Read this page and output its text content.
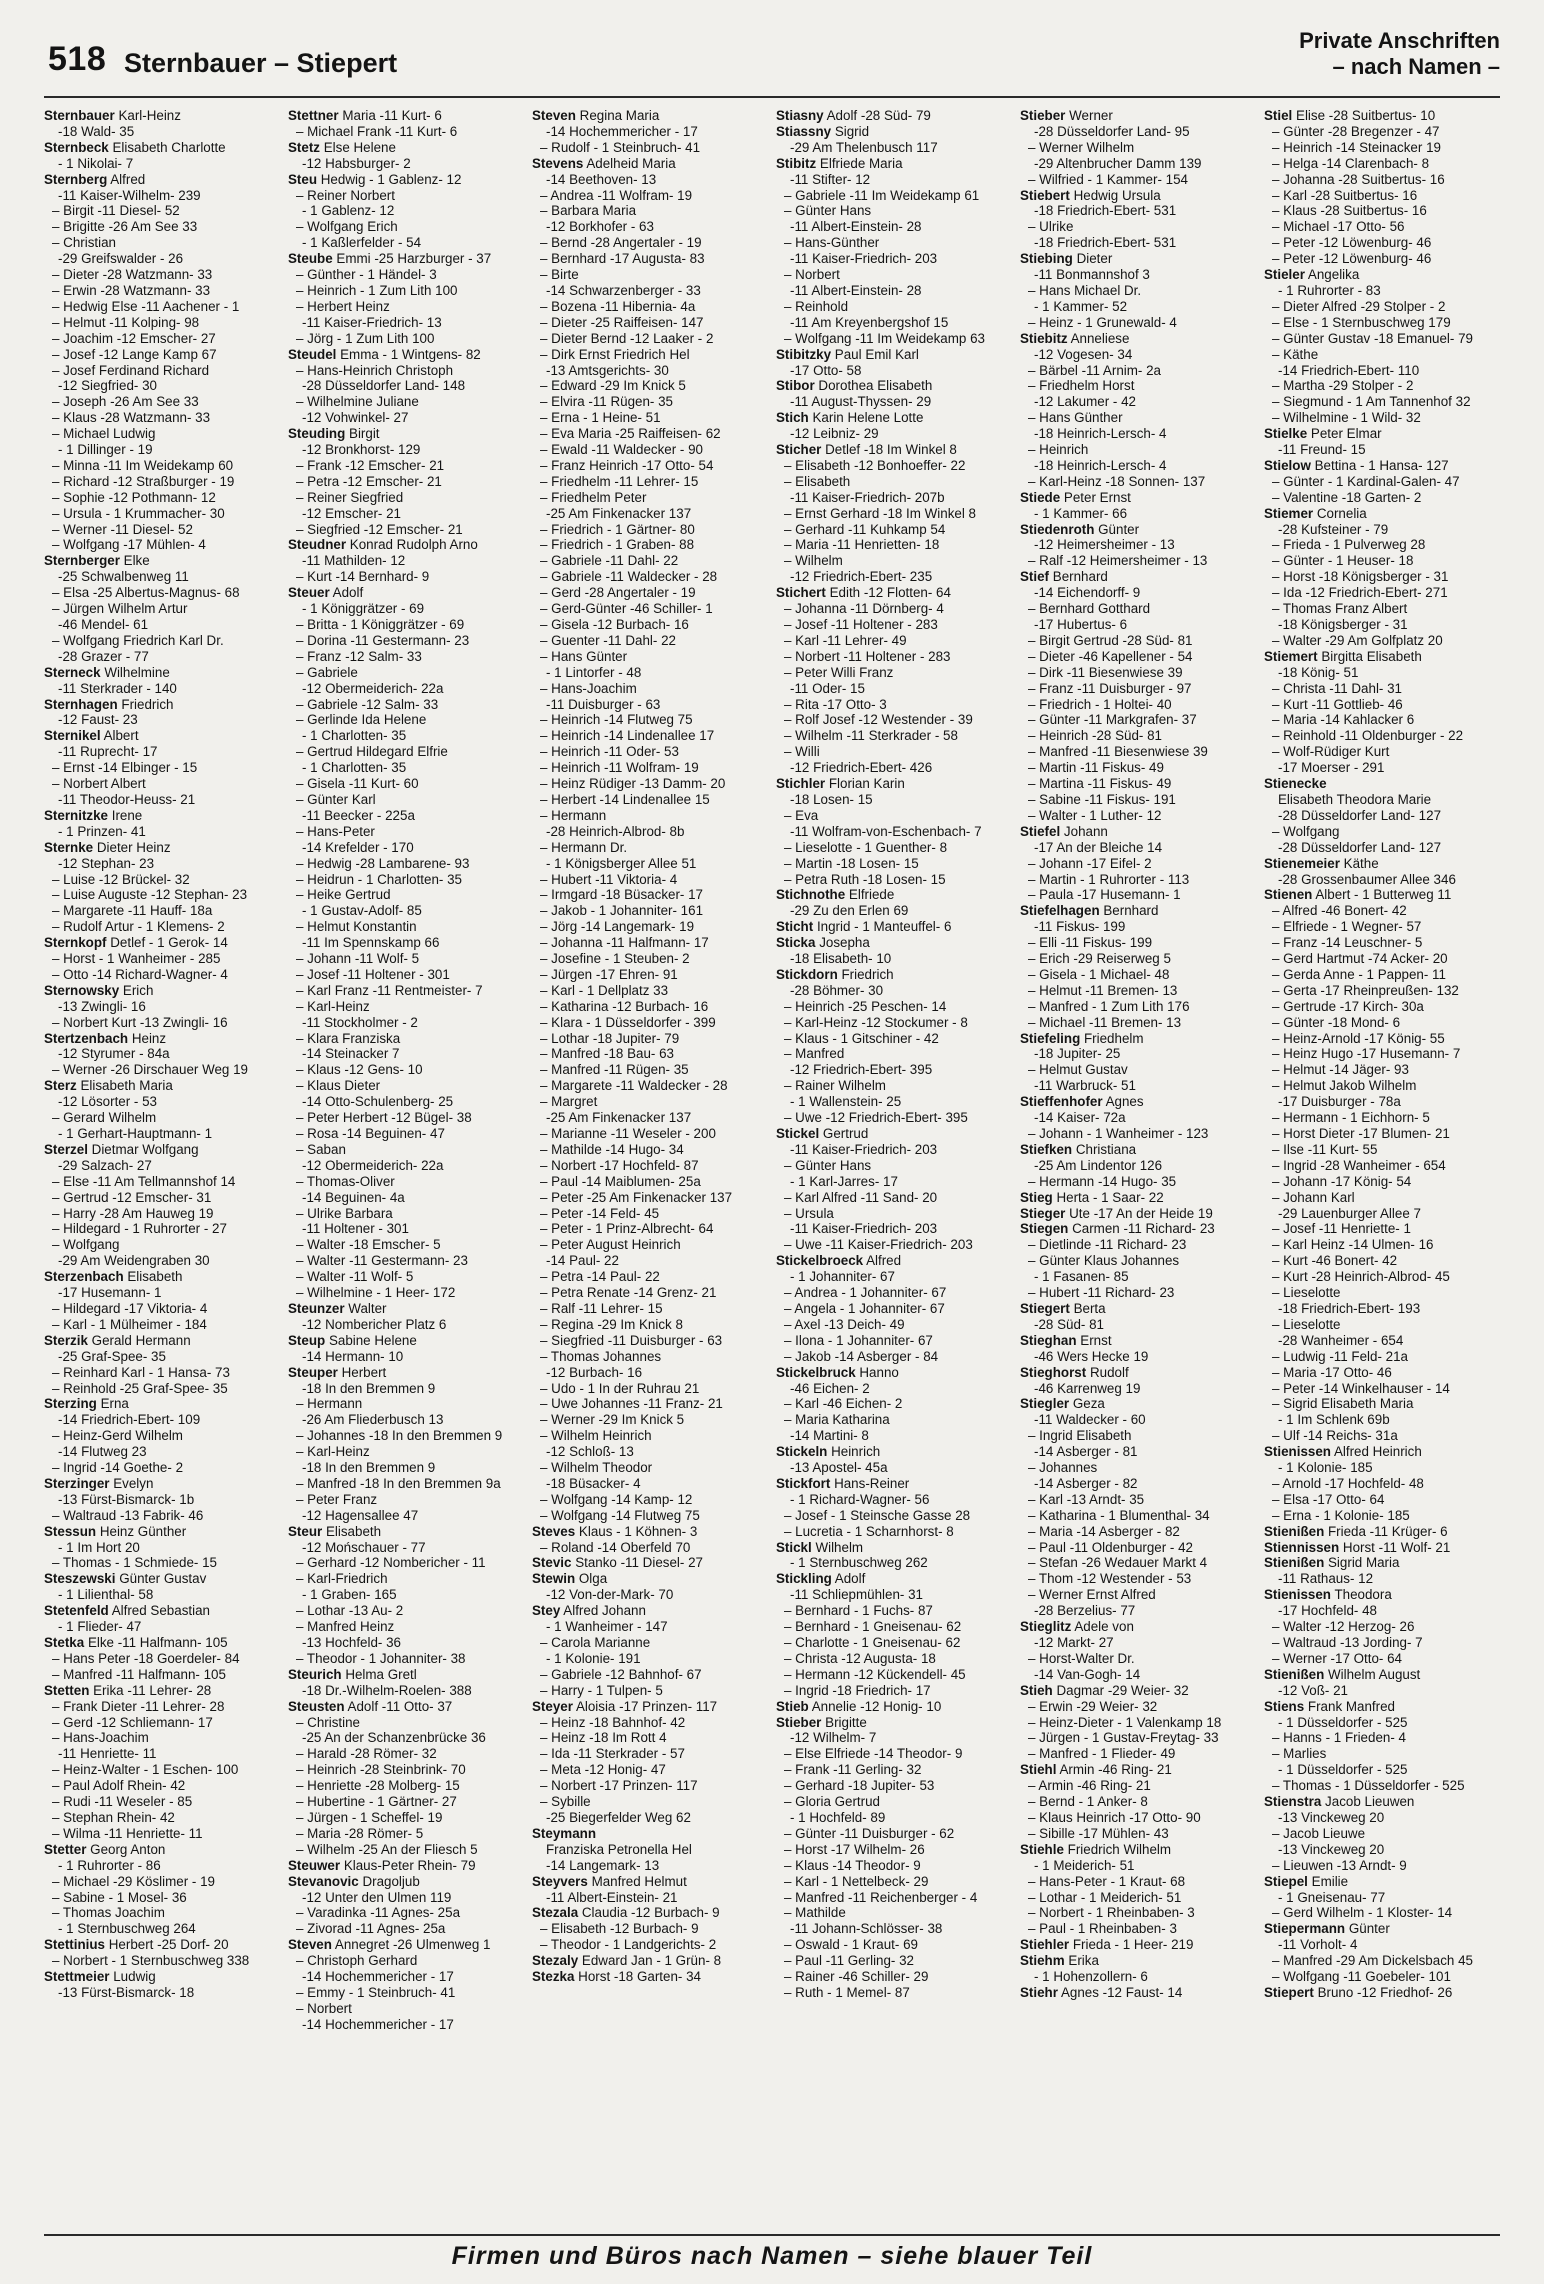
518 Sternbauer – Stiepert
Private Anschriften
– nach Namen –
Sternbauer Karl-Heinz
-18 Wald- 35
Sternbeck Elisabeth Charlotte
- 1 Nikolai- 7
Sternberg Alfred
-11 Kaiser-Wilhelm- 239
– Birgit -11 Diesel- 52
– Brigitte -26 Am See 33
– Christian
-29 Greifswalder - 26
– Dieter -28 Watzmann- 33
– Erwin -28 Watzmann- 33
– Hedwig Else -11 Aachener - 1
– Helmut -11 Kolping- 98
– Joachim -12 Emscher- 27
– Josef -12 Lange Kamp 67
– Josef Ferdinand Richard
-12 Siegfried- 30
– Joseph -26 Am See 33
– Klaus -28 Watzmann- 33
– Michael Ludwig
- 1 Dillinger - 19
– Minna -11 Im Weidekamp 60
– Richard -12 Straßburger - 19
– Sophie -12 Pothmann- 12
– Ursula - 1 Krummacher- 30
– Werner -11 Diesel- 52
– Wolfgang -17 Mühlen- 4
Sternberger Elke
-25 Schwalbenweg 11
– Elsa -25 Albertus-Magnus- 68
– Jürgen Wilhelm Artur
-46 Mendel- 61
– Wolfgang Friedrich Karl Dr.
-28 Grazer - 77
Sterneck Wilhelmine
-11 Sterkrader - 140
Sternhagen Friedrich
-12 Faust- 23
Sternikel Albert
-11 Ruprecht- 17
– Ernst -14 Elbinger - 15
– Norbert Albert
-11 Theodor-Heuss- 21
Sternitzke Irene
- 1 Prinzen- 41
Sternke Dieter Heinz
-12 Stephan- 23
– Luise -12 Brückel- 32
– Luise Auguste -12 Stephan- 23
– Margarete -11 Hauff- 18a
– Rudolf Artur - 1 Klemens- 2
Sternkopf Detlef - 1 Gerok- 14
– Horst - 1 Wanheimer - 285
– Otto -14 Richard-Wagner- 4
Sternowsky Erich
-13 Zwingli- 16
– Norbert Kurt -13 Zwingli- 16
Stertzenbach Heinz
-12 Styrumer - 84a
– Werner -26 Dirschauer Weg 19
Sterz Elisabeth Maria
-12 Lösorter - 53
– Gerard Wilhelm
- 1 Gerhart-Hauptmann- 1
Sterzel Dietmar Wolfgang
-29 Salzach- 27
– Else -11 Am Tellmannshof 14
– Gertrud -12 Emscher- 31
– Harry -28 Am Hauweg 19
– Hildegard - 1 Ruhrorter - 27
– Wolfgang
-29 Am Weidengraben 30
Sterzenbach Elisabeth
-17 Husemann- 1
– Hildegard -17 Viktoria- 4
– Karl - 1 Mülheimer - 184
Sterzik Gerald Hermann
-25 Graf-Spee- 35
– Reinhard Karl - 1 Hansa- 73
– Reinhold -25 Graf-Spee- 35
Sterzing Erna
-14 Friedrich-Ebert- 109
– Heinz-Gerd Wilhelm
-14 Flutweg 23
– Ingrid -14 Goethe- 2
Sterzinger Evelyn
-13 Fürst-Bismarck- 1b
– Waltraud -13 Fabrik- 46
Stessun Heinz Günther
- 1 Im Hort 20
– Thomas - 1 Schmiede- 15
Steszewski Günter Gustav
- 1 Lilienthal- 58
Stetenfeld Alfred Sebastian
- 1 Flieder- 47
Stetka Elke -11 Halfmann- 105
– Hans Peter -18 Goerdeler- 84
– Manfred -11 Halfmann- 105
Stetten Erika -11 Lehrer- 28
– Frank Dieter -11 Lehrer- 28
– Gerd -12 Schliemann- 17
– Hans-Joachim
-11 Henriette- 11
– Heinz-Walter - 1 Eschen- 100
– Paul Adolf Rhein- 42
– Rudi -11 Weseler - 85
– Stephan Rhein- 42
– Wilma -11 Henriette- 11
Stetter Georg Anton
- 1 Ruhrorter - 86
– Michael -29 Köslimer - 19
– Sabine - 1 Mosel- 36
– Thomas Joachim
- 1 Sternbuschweg 264
Stettinius Herbert -25 Dorf- 20
– Norbert - 1 Sternbuschweg 338
Stettmeier Ludwig
-13 Fürst-Bismarck- 18
Stettner Maria -11 Kurt- 6
– Michael Frank -11 Kurt- 6
Stetz Else Helene
-12 Habsburger- 2
Steu Hedwig - 1 Gablenz- 12
– Reiner Norbert
- 1 Gablenz- 12
– Wolfgang Erich
- 1 Kaßlerfelder - 54
Steube Emmi -25 Harzburger - 37
– Günther - 1 Händel- 3
– Heinrich - 1 Zum Lith 100
– Herbert Heinz
-11 Kaiser-Friedrich- 13
– Jörg - 1 Zum Lith 100
Steudel Emma - 1 Wintgens- 82
– Hans-Heinrich Christoph
-28 Düsseldorfer Land- 148
– Wilhelmine Juliane
-12 Vohwinkel- 27
Steuding Birgit
-12 Bronkhorst- 129
– Frank -12 Emscher- 21
– Petra -12 Emscher- 21
– Reiner Siegfried
-12 Emscher- 21
– Siegfried -12 Emscher- 21
Steudner Konrad Rudolph Arno
-11 Mathilden- 12
– Kurt -14 Bernhard- 9
Steuer Adolf
- 1 Königgrätzer - 69
– Britta - 1 Königgrätzer - 69
– Dorina -11 Gestermann- 23
– Franz -12 Salm- 33
– Gabriele
-12 Obermeiderich- 22a
– Gabriele -12 Salm- 33
– Gerlinde Ida Helene
- 1 Charlotten- 35
– Gertrud Hildegard Elfrie
- 1 Charlotten- 35
– Gisela -11 Kurt- 60
– Günter Karl
-11 Beecker - 225a
– Hans-Peter
-14 Krefelder - 170
– Hedwig -28 Lambarene- 93
– Heidrun - 1 Charlotten- 35
– Heike Gertrud
- 1 Gustav-Adolf- 85
– Helmut Konstantin
-11 Im Spennskamp 66
– Johann -11 Wolf- 5
– Josef -11 Holtener - 301
– Karl Franz -11 Rentmeister- 7
– Karl-Heinz
-11 Stockholmer - 2
– Klara Franziska
-14 Steinacker 7
– Klaus -12 Gens- 10
– Klaus Dieter
-14 Otto-Schulenberg- 25
– Peter Herbert -12 Bügel- 38
– Rosa -14 Beguinen- 47
– Saban
-12 Obermeiderich- 22a
– Thomas-Oliver
-14 Beguinen- 4a
– Ulrike Barbara
-11 Holtener - 301
– Walter -18 Emscher- 5
– Walter -11 Gestermann- 23
– Walter -11 Wolf- 5
– Wilhelmine - 1 Heer- 172
Steunzer Walter
-12 Nombericher Platz 6
Steup Sabine Helene
-14 Hermann- 10
Steuper Herbert
-18 In den Bremmen 9
– Hermann
-26 Am Fliederbusch 13
– Johannes -18 In den Bremmen 9
– Karl-Heinz
-18 In den Bremmen 9
– Manfred -18 In den Bremmen 9a
– Peter Franz
-12 Hagensallee 47
Steur Elisabeth
-12 Mońschauer - 77
– Gerhard -12 Nombericher - 11
– Karl-Friedrich
- 1 Graben- 165
– Lothar -13 Au- 2
– Manfred Heinz
-13 Hochfeld- 36
– Theodor - 1 Johanniter- 38
Steurich Helma Gretl
-18 Dr.-Wilhelm-Roelen- 388
Steusten Adolf -11 Otto- 37
– Christine
-25 An der Schanzenbrücke 36
– Harald -28 Römer- 32
– Heinrich -28 Steinbrink- 70
– Henriette -28 Molberg- 15
– Hubertine - 1 Gärtner- 27
– Jürgen - 1 Scheffel- 19
– Maria -28 Römer- 5
– Wilhelm -25 An der Fliesch 5
Steuwer Klaus-Peter Rhein- 79
Stevanovic Dragoljub
-12 Unter den Ulmen 119
– Varadinka -11 Agnes- 25a
– Zivorad -11 Agnes- 25a
Steven Annegret -26 Ulmenweg 1
– Christoph Gerhard
-14 Hochemmericher - 17
– Emmy - 1 Steinbruch- 41
– Norbert
-14 Hochemmericher - 17
Steven Regina Maria
-14 Hochemmericher - 17
– Rudolf - 1 Steinbruch- 41
Stevens Adelheid Maria
-14 Beethoven- 13
– Andrea -11 Wolfram- 19
– Barbara Maria
-12 Borkhofer - 63
– Bernd -28 Angertaler - 19
– Bernhard -17 Augusta- 83
– Birte
-14 Schwarzenberger - 33
– Bozena -11 Hibernia- 4a
– Dieter -25 Raiffeisen- 147
– Dieter Bernd -12 Laaker - 2
– Dirk Ernst Friedrich Hel
-13 Amtsgerichts- 30
– Edward -29 Im Knick 5
– Elvira -11 Rügen- 35
– Erna - 1 Heine- 51
– Eva Maria -25 Raiffeisen- 62
– Ewald -11 Waldecker - 90
– Franz Heinrich -17 Otto- 54
– Friedhelm -11 Lehrer- 15
– Friedhelm Peter
-25 Am Finkenacker 137
– Friedrich - 1 Gärtner- 80
– Friedrich - 1 Graben- 88
– Gabriele -11 Dahl- 22
– Gabriele -11 Waldecker - 28
– Gerd -28 Angertaler - 19
– Gerd-Günter -46 Schiller- 1
– Gisela -12 Burbach- 16
– Guenter -11 Dahl- 22
– Hans Günter
- 1 Lintorfer - 48
– Hans-Joachim
-11 Duisburger - 63
– Heinrich -14 Flutweg 75
– Heinrich -14 Lindenallee 17
– Heinrich -11 Oder- 53
– Heinrich -11 Wolfram- 19
– Heinz Rüdiger -13 Damm- 20
– Herbert -14 Lindenallee 15
– Hermann
-28 Heinrich-Albrod- 8b
– Hermann Dr.
- 1 Königsberger Allee 51
– Hubert -11 Viktoria- 4
– Irmgard -18 Büsacker- 17
– Jakob - 1 Johanniter- 161
– Jörg -14 Langemark- 19
– Johanna -11 Halfmann- 17
– Josefine - 1 Steuben- 2
– Jürgen -17 Ehren- 91
– Karl - 1 Dellplatz 33
– Katharina -12 Burbach- 16
– Klara - 1 Düsseldorfer - 399
– Lothar -18 Jupiter- 79
– Manfred -18 Bau- 63
– Manfred -11 Rügen- 35
– Margarete -11 Waldecker - 28
– Margret
-25 Am Finkenacker 137
– Marianne -11 Weseler - 200
– Mathilde -14 Hugo- 34
– Norbert -17 Hochfeld- 87
– Paul -14 Maiblumen- 25a
– Peter -25 Am Finkenacker 137
– Peter -14 Feld- 45
– Peter - 1 Prinz-Albrecht- 64
– Peter August Heinrich
-14 Paul- 22
– Petra -14 Paul- 22
– Petra Renate -14 Grenz- 21
– Ralf -11 Lehrer- 15
– Regina -29 Im Knick 8
– Siegfried -11 Duisburger - 63
– Thomas Johannes
-12 Burbach- 16
– Udo - 1 In der Ruhrau 21
– Uwe Johannes -11 Franz- 21
– Werner -29 Im Knick 5
– Wilhelm Heinrich
-12 Schloß- 13
– Wilhelm Theodor
-18 Büsacker- 4
– Wolfgang -14 Kamp- 12
– Wolfgang -14 Flutweg 75
Steves Klaus - 1 Köhnen- 3
– Roland -14 Oberfeld 70
Stevic Stanko -11 Diesel- 27
Stewin Olga
-12 Von-der-Mark- 70
Stey Alfred Johann
- 1 Wanheimer - 147
– Carola Marianne
- 1 Kolonie- 191
– Gabriele -12 Bahnhof- 67
– Harry - 1 Tulpen- 5
Steyer Aloisia -17 Prinzen- 117
– Heinz -18 Bahnhof- 42
– Heinz -18 Im Rott 4
– Ida -11 Sterkrader - 57
– Meta -12 Honig- 47
– Norbert -17 Prinzen- 117
– Sybille
-25 Biegerfelder Weg 62
Steymann
Franziska Petronella Hel
-14 Langemark- 13
Steyvers Manfred Helmut
-11 Albert-Einstein- 21
Stezala Claudia -12 Burbach- 9
– Elisabeth -12 Burbach- 9
– Theodor - 1 Landgerichts- 2
Stezaly Edward Jan - 1 Grün- 8
Stezka Horst -18 Garten- 34
Stiasny Adolf -28 Süd- 79
Stiassny Sigrid
-29 Am Thelenbusch 117
Stibitz Elfriede Maria
-11 Stifter- 12
– Gabriele -11 Im Weidekamp 61
– Günter Hans
-11 Albert-Einstein- 28
– Hans-Günther
-11 Kaiser-Friedrich- 203
– Norbert
-11 Albert-Einstein- 28
– Reinhold
-11 Am Kreyenbergshof 15
– Wolfgang -11 Im Weidekamp 63
Stibitzky Paul Emil Karl
-17 Otto- 58
Stibor Dorothea Elisabeth
-11 August-Thyssen- 29
Stich Karin Helene Lotte
-12 Leibniz- 29
Sticher Detlef -18 Im Winkel 8
– Elisabeth -12 Bonhoeffer- 22
– Elisabeth
-11 Kaiser-Friedrich- 207b
– Ernst Gerhard -18 Im Winkel 8
– Gerhard -11 Kuhkamp 54
– Maria -11 Henrietten- 18
– Wilhelm
-12 Friedrich-Ebert- 235
Stichert Edith -12 Flotten- 64
– Johanna -11 Dörnberg- 4
– Josef -11 Holtener - 283
– Karl -11 Lehrer- 49
– Norbert -11 Holtener - 283
– Peter Willi Franz
-11 Oder- 15
– Rita -17 Otto- 3
– Rolf Josef -12 Westender - 39
– Wilhelm -11 Sterkrader - 58
– Willi
-12 Friedrich-Ebert- 426
Stichler Florian Karin
-18 Losen- 15
– Eva
-11 Wolfram-von-Eschenbach- 7
– Lieselotte - 1 Guenther- 8
– Martin -18 Losen- 15
– Petra Ruth -18 Losen- 15
Stichnothe Elfriede
-29 Zu den Erlen 69
Sticht Ingrid - 1 Manteuffel- 6
Sticka Josepha
-18 Elisabeth- 10
Stickdorn Friedrich
-28 Böhmer- 30
– Heinrich -25 Peschen- 14
– Karl-Heinz -12 Stockumer - 8
– Klaus - 1 Gitschiner - 42
– Manfred
-12 Friedrich-Ebert- 395
– Rainer Wilhelm
- 1 Wallenstein- 25
– Uwe -12 Friedrich-Ebert- 395
Stickel Gertrud
-11 Kaiser-Friedrich- 203
– Günter Hans
- 1 Karl-Jarres- 17
– Karl Alfred -11 Sand- 20
– Ursula
-11 Kaiser-Friedrich- 203
– Uwe -11 Kaiser-Friedrich- 203
Stickelbroeck Alfred
- 1 Johanniter- 67
– Andrea - 1 Johanniter- 67
– Angela - 1 Johanniter- 67
– Axel -13 Deich- 49
– Ilona - 1 Johanniter- 67
– Jakob -14 Asberger - 84
Stickelbruck Hanno
-46 Eichen- 2
– Karl -46 Eichen- 2
– Maria Katharina
-14 Martini- 8
Stickeln Heinrich
-13 Apostel- 45a
Stickfort Hans-Reiner
- 1 Richard-Wagner- 56
– Josef - 1 Steinsche Gasse 28
– Lucretia - 1 Scharnhorst- 8
Stickl Wilhelm
- 1 Sternbuschweg 262
Stickling Adolf
-11 Schliepmühlen- 31
– Bernhard - 1 Fuchs- 87
– Bernhard - 1 Gneisenau- 62
– Charlotte - 1 Gneisenau- 62
– Christa -12 Augusta- 18
– Hermann -12 Kückendell- 45
– Ingrid -18 Friedrich- 17
Stieb Annelie -12 Honig- 10
Stieber Brigitte
-12 Wilhelm- 7
– Else Elfriede -14 Theodor- 9
– Frank -11 Gerling- 32
– Gerhard -18 Jupiter- 53
– Gloria Gertrud
- 1 Hochfeld- 89
– Günter -11 Duisburger - 62
– Horst -17 Wilhelm- 26
– Klaus -14 Theodor- 9
– Karl - 1 Nettelbeck- 29
– Manfred -11 Reichenberger - 4
– Mathilde
-11 Johann-Schlösser- 38
– Oswald - 1 Kraut- 69
– Paul -11 Gerling- 32
– Rainer -46 Schiller- 29
– Ruth - 1 Memel- 87
Stieber Werner
-28 Düsseldorfer Land- 95
– Werner Wilhelm
-29 Altenbrucher Damm 139
– Wilfried - 1 Kammer- 154
Stiebert Hedwig Ursula
-18 Friedrich-Ebert- 531
– Ulrike
-18 Friedrich-Ebert- 531
Stiebing Dieter
-11 Bonmannshof 3
– Hans Michael Dr.
- 1 Kammer- 52
– Heinz - 1 Grunewald- 4
Stiebitz Anneliese
-12 Vogesen- 34
– Bärbel -11 Arnim- 2a
– Friedhelm Horst
-12 Lakumer - 42
– Hans Günther
-18 Heinrich-Lersch- 4
– Heinrich
-18 Heinrich-Lersch- 4
– Karl-Heinz -18 Sonnen- 137
Stiede Peter Ernst
- 1 Kammer- 66
Stiedenroth Günter
-12 Heimersheimer - 13
– Ralf -12 Heimersheimer - 13
Stief Bernhard
-14 Eichendorff- 9
– Bernhard Gotthard
-17 Hubertus- 6
– Birgit Gertrud -28 Süd- 81
– Dieter -46 Kapellener - 54
– Dirk -11 Biesenwiese 39
– Franz -11 Duisburger - 97
– Friedrich - 1 Holtei- 40
– Günter -11 Markgrafen- 37
– Heinrich -28 Süd- 81
– Manfred -11 Biesenwiese 39
– Martin -11 Fiskus- 49
– Martina -11 Fiskus- 49
– Sabine -11 Fiskus- 191
– Walter - 1 Luther- 12
Stiefel Johann
-17 An der Bleiche 14
– Johann -17 Eifel- 2
– Martin - 1 Ruhrorter - 113
– Paula -17 Husemann- 1
Stiefelhagen Bernhard
-11 Fiskus- 199
– Elli -11 Fiskus- 199
– Erich -29 Reiserweg 5
– Gisela - 1 Michael- 48
– Helmut -11 Bremen- 13
– Manfred - 1 Zum Lith 176
– Michael -11 Bremen- 13
Stiefeling Friedhelm
-18 Jupiter- 25
– Helmut Gustav
-11 Warbruck- 51
Stieffenhofer Agnes
-14 Kaiser- 72a
– Johann - 1 Wanheimer - 123
Stiefken Christiana
-25 Am Lindentor 126
– Hermann -14 Hugo- 35
Stieg Herta - 1 Saar- 22
Stieger Ute -17 An der Heide 19
Stiegen Carmen -11 Richard- 23
– Dietlinde -11 Richard- 23
– Günter Klaus Johannes
- 1 Fasanen- 85
– Hubert -11 Richard- 23
Stiegert Berta
-28 Süd- 81
Stieghan Ernst
-46 Wers Hecke 19
Stieghorst Rudolf
-46 Karrenweg 19
Stiegler Geza
-11 Waldecker - 60
– Ingrid Elisabeth
-14 Asberger - 81
– Johannes
-14 Asberger - 82
– Karl -13 Arndt- 35
– Katharina - 1 Blumenthal- 34
– Maria -14 Asberger - 82
– Paul -11 Oldenburger - 42
– Stefan -26 Wedauer Markt 4
– Thom -12 Westender - 53
– Werner Ernst Alfred
-28 Berzelius- 77
Stieglitz Adele von
-12 Markt- 27
– Horst-Walter Dr.
-14 Van-Gogh- 14
Stieh Dagmar -29 Weier- 32
– Erwin -29 Weier- 32
– Heinz-Dieter - 1 Valenkamp 18
– Jürgen - 1 Gustav-Freytag- 33
– Manfred - 1 Flieder- 49
Stiehl Armin -46 Ring- 21
– Armin -46 Ring- 21
– Bernd - 1 Anker- 8
– Klaus Heinrich -17 Otto- 90
– Sibille -17 Mühlen- 43
Stiehle Friedrich Wilhelm
- 1 Meiderich- 51
– Hans-Peter - 1 Kraut- 68
– Lothar - 1 Meiderich- 51
– Norbert - 1 Rheinbaben- 3
– Paul - 1 Rheinbaben- 3
Stiehler Frieda - 1 Heer- 219
Stiehm Erika
- 1 Hohenzollern- 6
Stiehr Agnes -12 Faust- 14
Stiel Elise -28 Suitbertus- 10
– Günter -28 Bregenzer - 47
– Heinrich -14 Steinacker 19
– Helga -14 Clarenbach- 8
– Johanna -28 Suitbertus- 16
– Karl -28 Suitbertus- 16
– Klaus -28 Suitbertus- 16
– Michael -17 Otto- 56
– Peter -12 Löwenburg- 46
– Peter -12 Löwenburg- 46
Stieler Angelika
- 1 Ruhrorter - 83
– Dieter Alfred -29 Stolper - 2
– Else - 1 Sternbuschweg 179
– Günter Gustav -18 Emanuel- 79
– Käthe
-14 Friedrich-Ebert- 110
– Martha -29 Stolper - 2
– Siegmund - 1 Am Tannenhof 32
– Wilhelmine - 1 Wild- 32
Stielke Peter Elmar
-11 Freund- 15
Stielow Bettina - 1 Hansa- 127
– Günter - 1 Kardinal-Galen- 47
– Valentine -18 Garten- 2
Stiemer Cornelia
-28 Kufsteiner - 79
– Frieda - 1 Pulverweg 28
– Günter - 1 Heuser- 18
– Horst -18 Königsberger - 31
– Ida -12 Friedrich-Ebert- 271
– Thomas Franz Albert
-18 Königsberger - 31
– Walter -29 Am Golfplatz 20
Stiemert Birgitta Elisabeth
-18 König- 51
– Christa -11 Dahl- 31
– Kurt -11 Gottlieb- 46
– Maria -14 Kahlacker 6
– Reinhold -11 Oldenburger - 22
– Wolf-Rüdiger Kurt
-17 Moerser - 291
Stienecke
Elisabeth Theodora Marie
-28 Düsseldorfer Land- 127
– Wolfgang
-28 Düsseldorfer Land- 127
Stienemeier Käthe
-28 Grossenbaumer Allee 346
Stienen Albert - 1 Butterweg 11
– Alfred -46 Bonert- 42
– Elfriede - 1 Wegner- 57
– Franz -14 Leuschner- 5
– Gerd Hartmut -74 Acker- 20
– Gerda Anne - 1 Pappen- 11
– Gerta -17 Rheinpreußen- 132
– Gertrude -17 Kirch- 30a
– Günter -18 Mond- 6
– Heinz-Arnold -17 König- 55
– Heinz Hugo -17 Husemann- 7
– Helmut -14 Jäger- 93
– Helmut Jakob Wilhelm
-17 Duisburger - 78a
– Hermann - 1 Eichhorn- 5
– Horst Dieter -17 Blumen- 21
– Ilse -11 Kurt- 55
– Ingrid -28 Wanheimer - 654
– Johann -17 König- 54
– Johann Karl
-29 Lauenburger Allee 7
– Josef -11 Henriette- 1
– Karl Heinz -14 Ulmen- 16
– Kurt -46 Bonert- 42
– Kurt -28 Heinrich-Albrod- 45
– Lieselotte
-18 Friedrich-Ebert- 193
– Lieselotte
-28 Wanheimer - 654
– Ludwig -11 Feld- 21a
– Maria -17 Otto- 46
– Peter -14 Winkelhauser - 14
– Sigrid Elisabeth Maria
- 1 Im Schlenk 69b
– Ulf -14 Reichs- 31a
Stienissen Alfred Heinrich
- 1 Kolonie- 185
– Arnold -17 Hochfeld- 48
– Elsa -17 Otto- 64
– Erna - 1 Kolonie- 185
Stienißen Frieda -11 Krüger- 6
Stiennissen Horst -11 Wolf- 21
Stienißen Sigrid Maria
-11 Rathaus- 12
Stienissen Theodora
-17 Hochfeld- 48
– Walter -12 Herzog- 26
– Waltraud -13 Jording- 7
– Werner -17 Otto- 64
Stienißen Wilhelm August
-12 Voß- 21
Stiens Frank Manfred
- 1 Düsseldorfer - 525
– Hanns - 1 Frieden- 4
– Marlies
- 1 Düsseldorfer - 525
– Thomas - 1 Düsseldorfer - 525
Stienstra Jacob Lieuwen
-13 Vinckeweg 20
– Jacob Lieuwe
-13 Vinckeweg 20
– Lieuwen -13 Arndt- 9
Stiepel Emilie
- 1 Gneisenau- 77
– Gerd Wilhelm - 1 Kloster- 14
Stiepermann Günter
-11 Vorholt- 4
– Manfred -29 Am Dickelsbach 45
– Wolfgang -11 Goebeler- 101
Stiepert Bruno -12 Friedhof- 26
Firmen und Büros nach Namen – siehe blauer Teil
